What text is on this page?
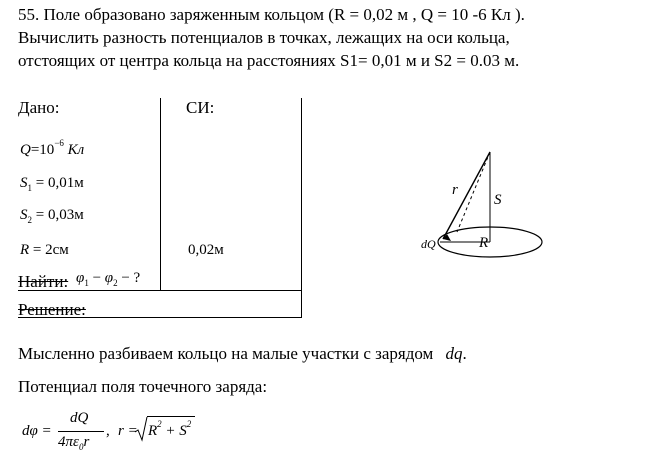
55. Поле образовано заряженным кольцом (R = 0,02 м , Q = 10 -6 Кл ).
Вычислить разность потенциалов в точках, лежащих на оси кольца,
отстоящих от центра кольца на расстояниях S1= 0,01 м и S2 = 0.03 м.
Дано:	СИ:
$Q=10^{-6}$ Кл
$S_1 = 0,01м$
$S_2 = 0,03м$
R = 2см	0,02м
Найти: $\varphi_1 - \varphi_2$ − ?
Решение:
Мысленно разбиваем кольцо на малые участки с зарядом dq.
Потенциал поля точечного заряда:
dφ =
dQ
$4\pi\varepsilon_0r$
, $r = R^2 + S^2$
r
S
dQ	R
